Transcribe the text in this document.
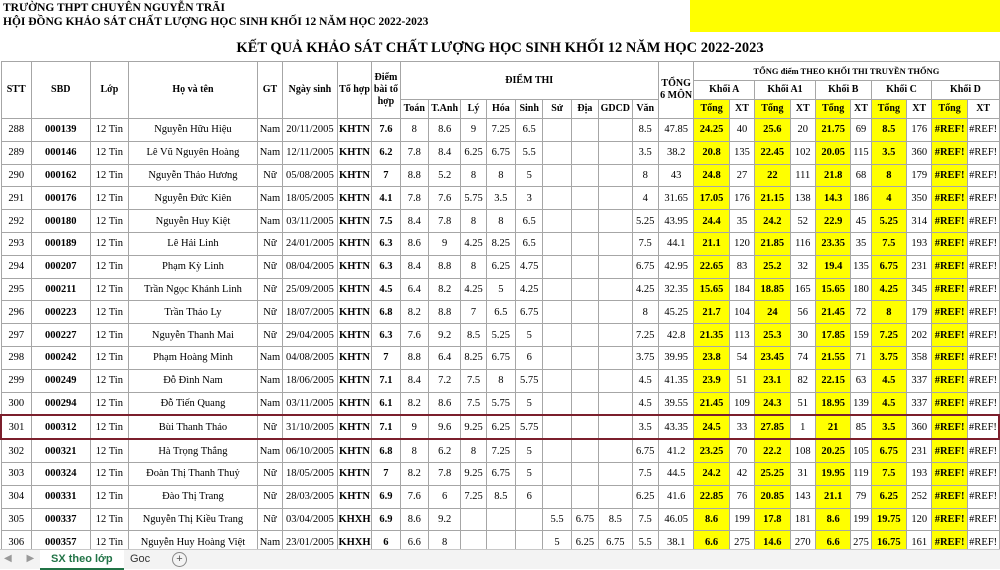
TRƯỜNG THPT CHUYÊN NGUYỄN TRÃI
HỘI ĐỒNG KHẢO SÁT CHẤT LƯỢNG HỌC SINH KHỐI 12 NĂM HỌC 2022-2023
KẾT QUẢ KHẢO SÁT CHẤT LƯỢNG HỌC SINH KHỐI 12 NĂM HỌC 2022-2023
STT	SBD	Lớp	Họ và tên	GT	Ngày sinh	Tổ hợp	Điểm bài tổ hợp	ĐIỂM THI									TỔNG 6 MÔN	TỔNG điểm THEO KHỐI THI TRUYỀN THỐNG									
																		Khối A		Khối A1		Khối B		Khối C		Khối D	
								Toán	T.Anh	Lý	Hóa	Sinh	Sử	Địa	GDCD	Văn		Tổng	XT	Tổng	XT	Tổng	XT	Tổng	XT	Tổng	XT
288	000139	12 Tin	Nguyễn Hữu Hiệu	Nam	20/11/2005	KHTN	7.6	8	8.6	9	7.25	6.5				8.5	47.85	24.25	40	25.6	20	21.75	69	8.5	176	#REF!	#REF!
289	000146	12 Tin	Lê Vũ Nguyên Hoàng	Nam	12/11/2005	KHTN	6.2	7.8	8.4	6.25	6.75	5.5				3.5	38.2	20.8	135	22.45	102	20.05	115	3.5	360	#REF!	#REF!
290	000162	12 Tin	Nguyễn Thảo Hương	Nữ	05/08/2005	KHTN	7	8.8	5.2	8	8	5				8	43	24.8	27	22	111	21.8	68	8	179	#REF!	#REF!
291	000176	12 Tin	Nguyễn Đức Kiên	Nam	18/05/2005	KHTN	4.1	7.8	7.6	5.75	3.5	3				4	31.65	17.05	176	21.15	138	14.3	186	4	350	#REF!	#REF!
292	000180	12 Tin	Nguyễn Huy Kiệt	Nam	03/11/2005	KHTN	7.5	8.4	7.8	8	8	6.5				5.25	43.95	24.4	35	24.2	52	22.9	45	5.25	314	#REF!	#REF!
293	000189	12 Tin	Lê Hải Linh	Nữ	24/01/2005	KHTN	6.3	8.6	9	4.25	8.25	6.5				7.5	44.1	21.1	120	21.85	116	23.35	35	7.5	193	#REF!	#REF!
294	000207	12 Tin	Phạm Kỳ Linh	Nữ	08/04/2005	KHTN	6.3	8.4	8.8	8	6.25	4.75				6.75	42.95	22.65	83	25.2	32	19.4	135	6.75	231	#REF!	#REF!
295	000211	12 Tin	Trần Ngọc Khánh Linh	Nữ	25/09/2005	KHTN	4.5	6.4	8.2	4.25	5	4.25				4.25	32.35	15.65	184	18.85	165	15.65	180	4.25	345	#REF!	#REF!
296	000223	12 Tin	Trần Thảo Ly	Nữ	18/07/2005	KHTN	6.8	8.2	8.8	7	6.5	6.75				8	45.25	21.7	104	24	56	21.45	72	8	179	#REF!	#REF!
297	000227	12 Tin	Nguyễn Thanh Mai	Nữ	29/04/2005	KHTN	6.3	7.6	9.2	8.5	5.25	5				7.25	42.8	21.35	113	25.3	30	17.85	159	7.25	202	#REF!	#REF!
298	000242	12 Tin	Phạm Hoàng Minh	Nam	04/08/2005	KHTN	7	8.8	6.4	8.25	6.75	6				3.75	39.95	23.8	54	23.45	74	21.55	71	3.75	358	#REF!	#REF!
299	000249	12 Tin	Đỗ Đình Nam	Nam	18/06/2005	KHTN	7.1	8.4	7.2	7.5	8	5.75				4.5	41.35	23.9	51	23.1	82	22.15	63	4.5	337	#REF!	#REF!
300	000294	12 Tin	Đỗ Tiến Quang	Nam	03/11/2005	KHTN	6.1	8.2	8.6	7.5	5.75	5				4.5	39.55	21.45	109	24.3	51	18.95	139	4.5	337	#REF!	#REF!
301	000312	12 Tin	Bùi Thanh Thảo	Nữ	31/10/2005	KHTN	7.1	9	9.6	9.25	6.25	5.75				3.5	43.35	24.5	33	27.85	1	21	85	3.5	360	#REF!	#REF!
302	000321	12 Tin	Hà Trọng Thắng	Nam	06/10/2005	KHTN	6.8	8	6.2	8	7.25	5				6.75	41.2	23.25	70	22.2	108	20.25	105	6.75	231	#REF!	#REF!
303	000324	12 Tin	Đoàn Thị Thanh Thuỷ	Nữ	18/05/2005	KHTN	7	8.2	7.8	9.25	6.75	5				7.5	44.5	24.2	42	25.25	31	19.95	119	7.5	193	#REF!	#REF!
304	000331	12 Tin	Đào Thị Trang	Nữ	28/03/2005	KHTN	6.9	7.6	6	7.25	8.5	6				6.25	41.6	22.85	76	20.85	143	21.1	79	6.25	252	#REF!	#REF!
305	000337	12 Tin	Nguyễn Thị Kiều Trang	Nữ	03/04/2005	KHXH	6.9	8.6	9.2				5.5	6.75	8.5	7.5	46.05	8.6	199	17.8	181	8.6	199	19.75	120	#REF!	#REF!
306	000357	12 Tin	Nguyễn Huy Hoàng Việt	Nam	23/01/2005	KHXH	6	6.6	8				5	6.25	6.75	5.5	38.1	6.6	275	14.6	270	6.6	275	16.75	161	#REF!	#REF!
◀ ▶ SX theo lớp	Goc	+
